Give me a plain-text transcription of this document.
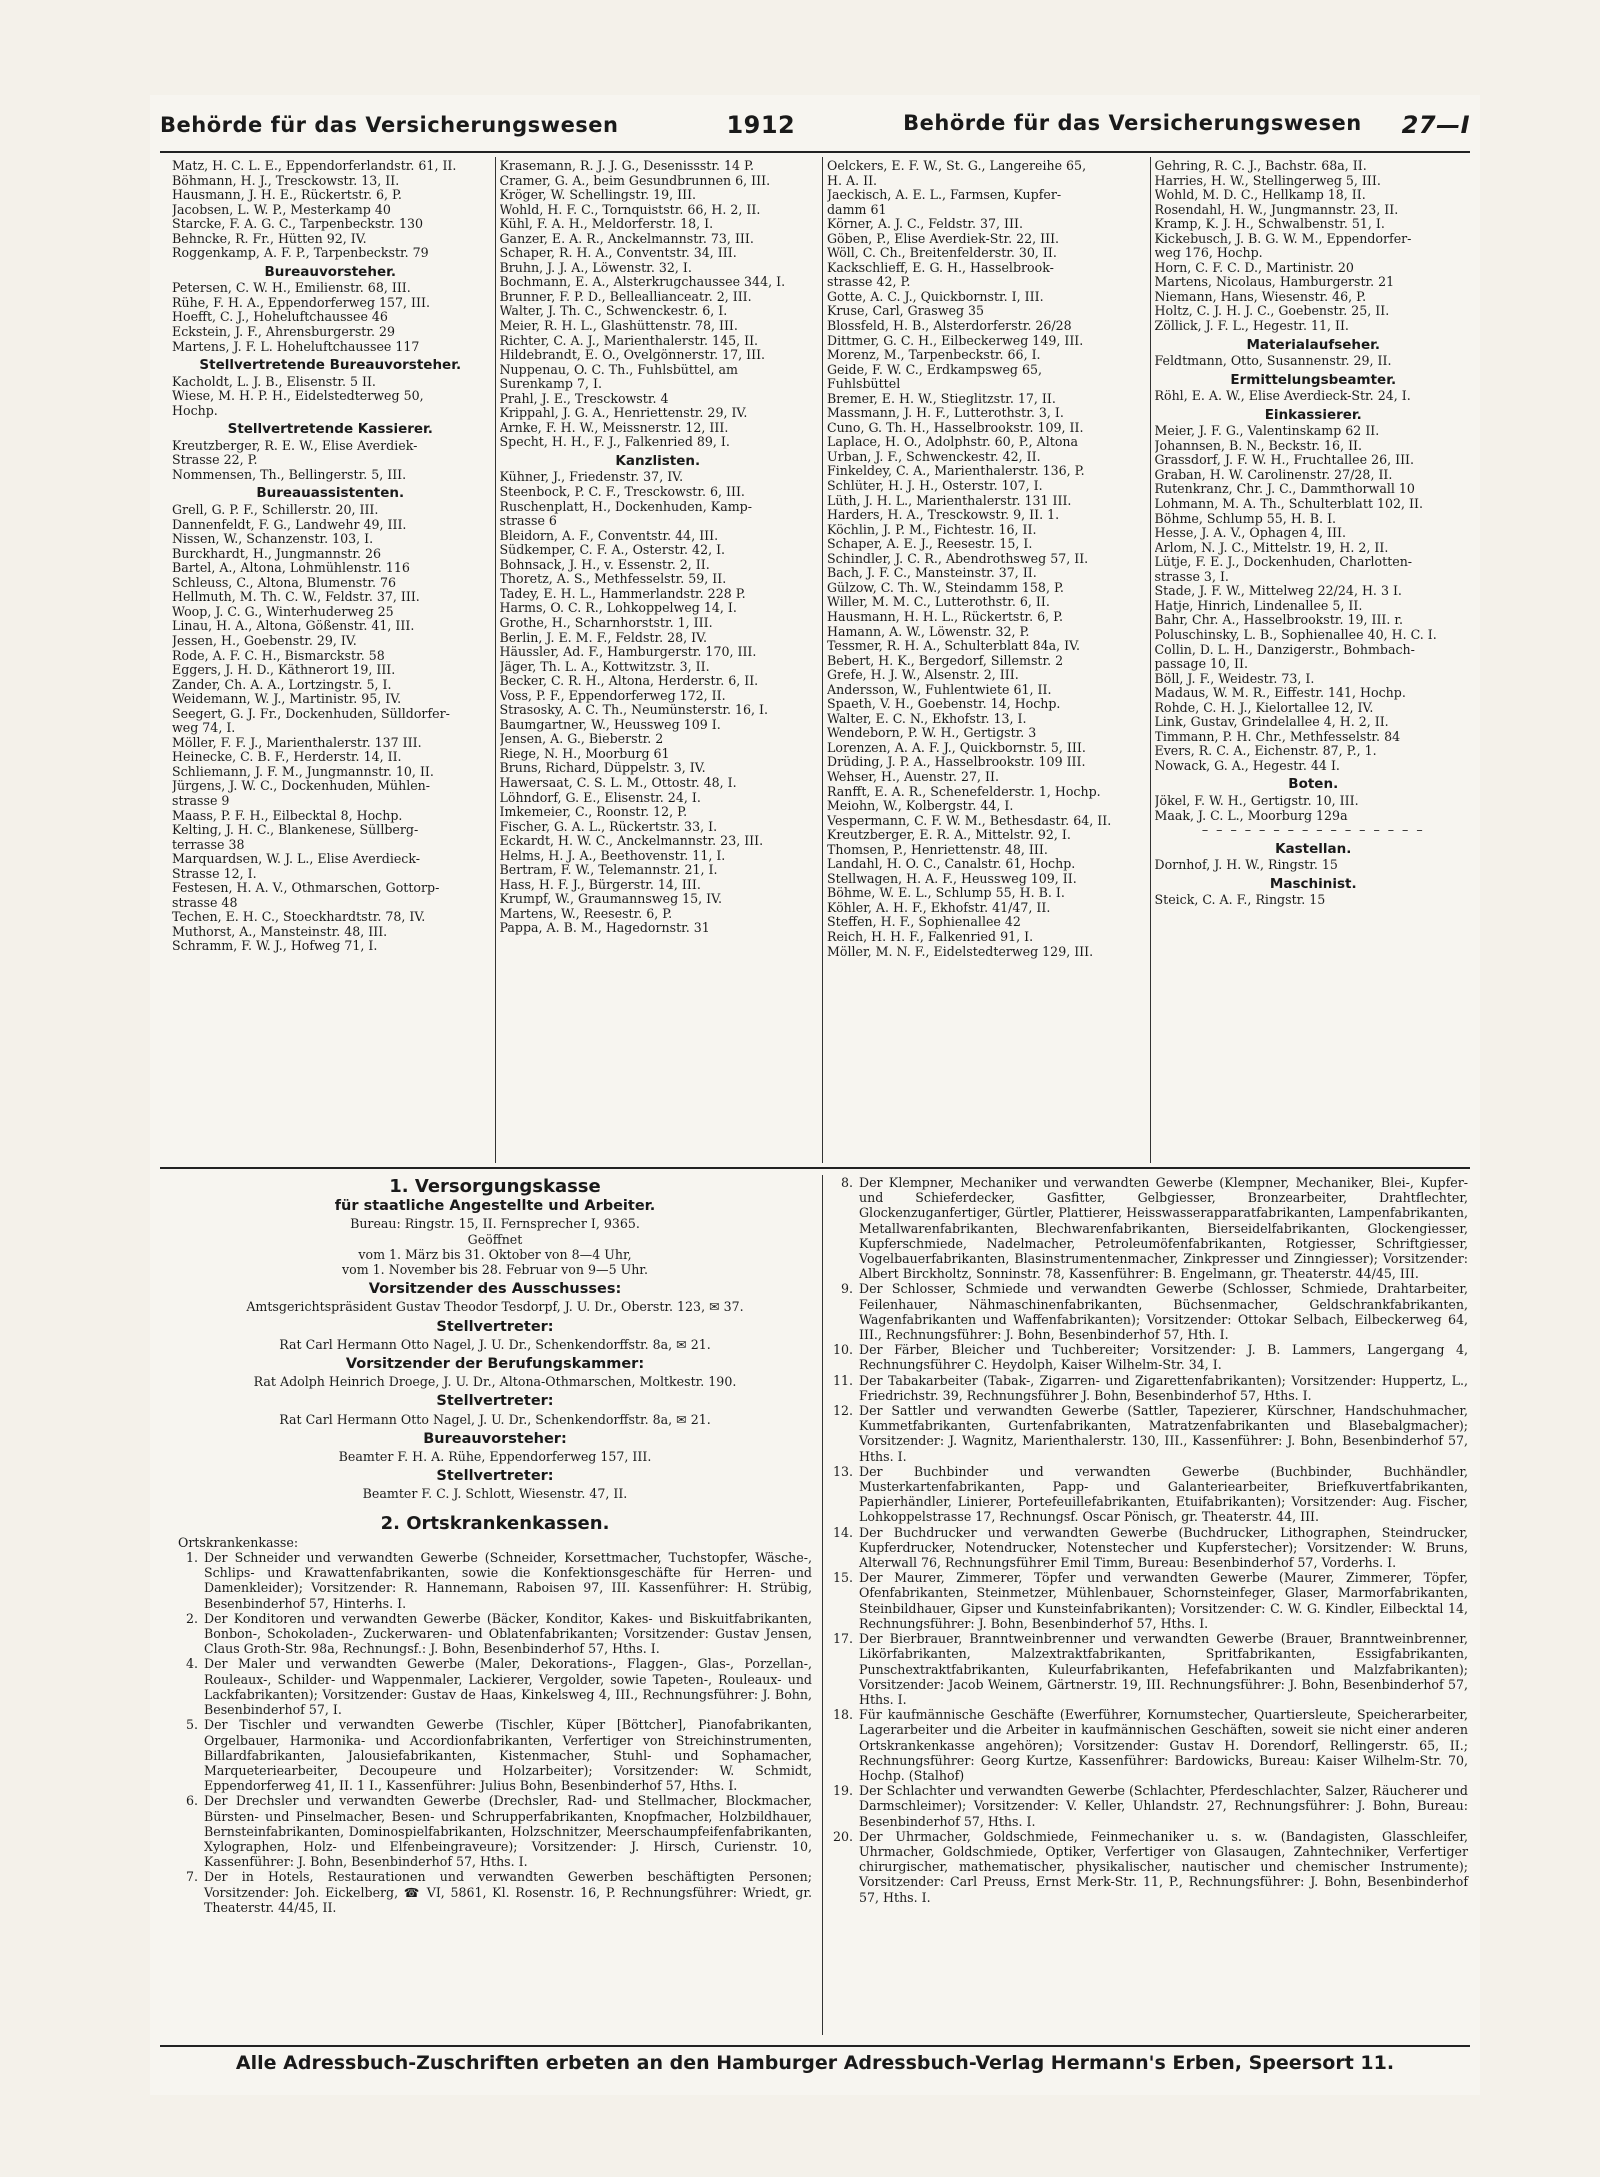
Behörde für das Versicherungswesen	1912	Behörde für das Versicherungswesen 27—I
Matz, H. C. L. E., Eppendorferlandstr. 61, II.
Böhmann, H. J., Tresckowstr. 13, II.
Hausmann, J. H. E., Rückertstr. 6, P.
Jacobsen, L. W. P., Mesterkamp 40
Starcke, F. A. G. C., Tarpenbeckstr. 130
Behncke, R. Fr., Hütten 92, IV.
Roggenkamp, A. F. P., Tarpenbeckstr. 79
Bureauvorsteher.
Petersen, C. W. H., Emilienstr. 68, III.
Rühe, F. H. A., Eppendorferweg 157, III.
Hoefft, C. J., Hoheluftchaussee 46
Eckstein, J. F., Ahrensburgerstr. 29
Martens, J. F. L. Hoheluftchaussee 117
Stellvertretende Bureauvorsteher.
Kacholdt, L. J. B., Elisenstr. 5 II.
Wiese, M. H. P. H., Eidelstedterweg 50,
Hochp.
Stellvertretende Kassierer.
Kreutzberger, R. E. W., Elise Averdiek-
Strasse 22, P.
Nommensen, Th., Bellingerstr. 5, III.
Bureauassistenten.
Grell, G. P. F., Schillerstr. 20, III.
Dannenfeldt, F. G., Landwehr 49, III.
Nissen, W., Schanzenstr. 103, I.
Burckhardt, H., Jungmannstr. 26
Bartel, A., Altona, Lohmühlenstr. 116
Schleuss, C., Altona, Blumenstr. 76
Hellmuth, M. Th. C. W., Feldstr. 37, III.
Woop, J. C. G., Winterhuderweg 25
Linau, H. A., Altona, Gößenstr. 41, III.
Jessen, H., Goebenstr. 29, IV.
Rode, A. F. C. H., Bismarckstr. 58
Eggers, J. H. D., Käthnerort 19, III.
Zander, Ch. A. A., Lortzingstr. 5, I.
Weidemann, W. J., Martinistr. 95, IV.
Seegert, G. J. Fr., Dockenhuden, Sülldorfer-
weg 74, I.
Möller, F. F. J., Marienthalerstr. 137 III.
Heinecke, C. B. F., Herderstr. 14, II.
Schliemann, J. F. M., Jungmannstr. 10, II.
Jürgens, J. W. C., Dockenhuden, Mühlen-
strasse 9
Maass, P. F. H., Eilbecktal 8, Hochp.
Kelting, J. H. C., Blankenese, Süllberg-
terrasse 38
Marquardsen, W. J. L., Elise Averdieck-
Strasse 12, I.
Festesen, H. A. V., Othmarschen, Gottorp-
strasse 48
Techen, E. H. C., Stoeckhardtstr. 78, IV.
Muthorst, A., Mansteinstr. 48, III.
Schramm, F. W. J., Hofweg 71, I.
Krasemann, R. J. J. G., Desenissstr. 14 P.
Cramer, G. A., beim Gesundbrunnen 6, III.
Kröger, W. Schellingstr. 19, III.
Wohld, H. F. C., Tornquiststr. 66, H. 2, II.
Kühl, F. A. H., Meldorferstr. 18, I.
Ganzer, E. A. R., Anckelmannstr. 73, III.
Schaper, R. H. A., Conventstr. 34, III.
Bruhn, J. J. A., Löwenstr. 32, I.
Bochmann, E. A., Alsterkrugchaussee 344, I.
Brunner, F. P. D., Belleallianceatr. 2, III.
Walter, J. Th. C., Schwenckestr. 6, I.
Meier, R. H. L., Glashüttenstr. 78, III.
Richter, C. A. J., Marienthalerstr. 145, II.
Hildebrandt, E. O., Övelgönnerstr. 17, III.
Nuppenau, O. C. Th., Fuhlsbüttel, am
Surenkamp 7, I.
Prahl, J. E., Tresckowstr. 4
Krippahl, J. G. A., Henriettenstr. 29, IV.
Arnke, F. H. W., Meissnerstr. 12, III.
Specht, H. H., F. J., Falkenried 89, I.
Kanzlisten.
Kühner, J., Friedenstr. 37, IV.
Steenbock, P. C. F., Tresckowstr. 6, III.
Ruschenplatt, H., Dockenhuden, Kamp-
strasse 6
Bleidorn, A. F., Conventstr. 44, III.
Südkemper, C. F. A., Osterstr. 42, I.
Bohnsack, J. H., v. Essenstr. 2, II.
Thoretz, A. S., Methfesselstr. 59, II.
Tadey, E. H. L., Hammerlandstr. 228 P.
Harms, O. C. R., Lohkoppelweg 14, I.
Grothe, H., Scharnhorststr. 1, III.
Berlin, J. E. M. F., Feldstr. 28, IV.
Häussler, Ad. F., Hamburgerstr. 170, III.
Jäger, Th. L. A., Kottwitzstr. 3, II.
Becker, C. R. H., Altona, Herderstr. 6, II.
Voss, P. F., Eppendorferweg 172, II.
Strasosky, A. C. Th., Neumünsterstr. 16, I.
Baumgartner, W., Heussweg 109 I.
Jensen, A. G., Bieberstr. 2
Riege, N. H., Moorburg 61
Bruns, Richard, Düppelstr. 3, IV.
Hawersaat, C. S. L. M., Ottostr. 48, I.
Löhndorf, G. E., Elisenstr. 24, I.
Imkemeier, C., Roonstr. 12, P.
Fischer, G. A. L., Rückertstr. 33, I.
Eckardt, H. W. C., Anckelmannstr. 23, III.
Helms, H. J. A., Beethovenstr. 11, I.
Bertram, F. W., Telemannstr. 21, I.
Hass, H. F. J., Bürgerstr. 14, III.
Krumpf, W., Graumannsweg 15, IV.
Martens, W., Reesestr. 6, P.
Pappa, A. B. M., Hagedornstr. 31
Oelckers, E. F. W., St. G., Langereihe 65,
H. A. II.
Jaeckisch, A. E. L., Farmsen, Kupfer-
damm 61
Körner, A. J. C., Feldstr. 37, III.
Göben, P., Elise Averdiek-Str. 22, III.
Wöll, C. Ch., Breitenfelderstr. 30, II.
Kackschlieff, E. G. H., Hasselbrook-
strasse 42, P.
Gotte, A. C. J., Quickbornstr. I, III.
Kruse, Carl, Grasweg 35
Blossfeld, H. B., Alsterdorferstr. 26/28
Dittmer, G. C. H., Eilbeckerweg 149, III.
Morenz, M., Tarpenbeckstr. 66, I.
Geide, F. W. C., Erdkampsweg 65,
Fuhlsbüttel
Bremer, E. H. W., Stieglitzstr. 17, II.
Massmann, J. H. F., Lutterothstr. 3, I.
Cuno, G. Th. H., Hasselbrookstr. 109, II.
Laplace, H. O., Adolphstr. 60, P., Altona
Urban, J. F., Schwenckestr. 42, II.
Finkeldey, C. A., Marienthalerstr. 136, P.
Schlüter, H. J. H., Osterstr. 107, I.
Lüth, J. H. L., Marienthalerstr. 131 III.
Harders, H. A., Tresckowstr. 9, II. 1.
Köchlin, J. P. M., Fichtestr. 16, II.
Schaper, A. E. J., Reesestr. 15, I.
Schindler, J. C. R., Abendrothsweg 57, II.
Bach, J. F. C., Mansteinstr. 37, II.
Gülzow, C. Th. W., Steindamm 158, P.
Willer, M. M. C., Lutterothstr. 6, II.
Hausmann, H. H. L., Rückertstr. 6, P.
Hamann, A. W., Löwenstr. 32, P.
Tessmer, R. H. A., Schulterblatt 84a, IV.
Bebert, H. K., Bergedorf, Sillemstr. 2
Grefe, H. J. W., Alsenstr. 2, III.
Andersson, W., Fuhlentwiete 61, II.
Spaeth, V. H., Goebenstr. 14, Hochp.
Walter, E. C. N., Ekhofstr. 13, I.
Wendeborn, P. W. H., Gertigstr. 3
Lorenzen, A. A. F. J., Quickbornstr. 5, III.
Drüding, J. P. A., Hasselbrookstr. 109 III.
Wehser, H., Auenstr. 27, II.
Ranfft, E. A. R., Schenefelderstr. 1, Hochp.
Meiohn, W., Kolbergstr. 44, I.
Vespermann, C. F. W. M., Bethesdastr. 64, II.
Kreutzberger, E. R. A., Mittelstr. 92, I.
Thomsen, P., Henriettenstr. 48, III.
Landahl, H. O. C., Canalstr. 61, Hochp.
Stellwagen, H. A. F., Heussweg 109, II.
Böhme, W. E. L., Schlump 55, H. B. I.
Köhler, A. H. F., Ekhofstr. 41/47, II.
Steffen, H. F., Sophienallee 42
Reich, H. H. F., Falkenried 91, I.
Möller, M. N. F., Eidelstedterweg 129, III.
Gehring, R. C. J., Bachstr. 68a, II.
Harries, H. W., Stellingerweg 5, III.
Wohld, M. D. C., Hellkamp 18, II.
Rosendahl, H. W., Jungmannstr. 23, II.
Kramp, K. J. H., Schwalbenstr. 51, I.
Kickebusch, J. B. G. W. M., Eppendorfer-
weg 176, Hochp.
Horn, C. F. C. D., Martinistr. 20
Martens, Nicolaus, Hamburgerstr. 21
Niemann, Hans, Wiesenstr. 46, P.
Holtz, C. J. H. J. C., Goebenstr. 25, II.
Zöllick, J. F. L., Hegestr. 11, II.
Materialaufseher.
Feldtmann, Otto, Susannenstr. 29, II.
Ermittelungsbeamter.
Röhl, E. A. W., Elise Averdieck-Str. 24, I.
Einkassierer.
Meier, J. F. G., Valentinskamp 62 II.
Johannsen, B. N., Beckstr. 16, II.
Grassdorf, J. F. W. H., Fruchtallee 26, III.
Graban, H. W. Carolinenstr. 27/28, II.
Rutenkranz, Chr. J. C., Dammthorwall 10
Lohmann, M. A. Th., Schulterblatt 102, II.
Böhme, Schlump 55, H. B. I.
Hesse, J. A. V., Ophagen 4, III.
Arlom, N. J. C., Mittelstr. 19, H. 2, II.
Lütje, F. E. J., Dockenhuden, Charlotten-
strasse 3, I.
Stade, J. F. W., Mittelweg 22/24, H. 3 I.
Hatje, Hinrich, Lindenallee 5, II.
Bahr, Chr. A., Hasselbrookstr. 19, III. r.
Poluschinsky, L. B., Sophienallee 40, H. C. I.
Collin, D. L. H., Danzigerstr., Bohmbach-
passage 10, II.
Böll, J. F., Weidestr. 73, I.
Madaus, W. M. R., Eiffestr. 141, Hochp.
Rohde, C. H. J., Kielortallee 12, IV.
Link, Gustav, Grindelallee 4, H. 2, II.
Timmann, P. H. Chr., Methfesselstr. 84
Evers, R. C. A., Eichenstr. 87, P., 1.
Nowack, G. A., Hegestr. 44 I.
Boten.
Jökel, F. W. H., Gertigstr. 10, III.
Maak, J. C. L., Moorburg 129a
– – – – – – – – – – – – – – – –
Kastellan.
Dornhof, J. H. W., Ringstr. 15
Maschinist.
Steick, C. A. F., Ringstr. 15
1. Versorgungskasse
für staatliche Angestellte und Arbeiter.
Bureau: Ringstr. 15, II. Fernsprecher I, 9365.
Geöffnet
vom 1. März bis 31. Oktober von 8—4 Uhr,
vom 1. November bis 28. Februar von 9—5 Uhr.
Vorsitzender des Ausschusses:
Amtsgerichtspräsident Gustav Theodor Tesdorpf, J. U. Dr., Oberstr. 123, ✉ 37.
Stellvertreter:
Rat Carl Hermann Otto Nagel, J. U. Dr., Schenkendorffstr. 8a, ✉ 21.
Vorsitzender der Berufungskammer:
Rat Adolph Heinrich Droege, J. U. Dr., Altona-Othmarschen, Moltkestr. 190.
Stellvertreter:
Rat Carl Hermann Otto Nagel, J. U. Dr., Schenkendorffstr. 8a, ✉ 21.
Bureauvorsteher:
Beamter F. H. A. Rühe, Eppendorferweg 157, III.
Stellvertreter:
Beamter F. C. J. Schlott, Wiesenstr. 47, II.
2. Ortskrankenkassen.
Ortskrankenkasse:
1. Der Schneider und verwandten Gewerbe (Schneider, Korsettmacher, Tuchstopfer, Wäsche-, Schlips- und Krawattenfabrikanten, sowie die Konfektionsgeschäfte für Herren- und Damenkleider); Vorsitzender: R. Hannemann, Raboisen 97, III. Kassenführer: H. Strübig, Besenbinderhof 57, Hinterhs. I.
2. Der Konditoren und verwandten Gewerbe (Bäcker, Konditor, Kakes- und Biskuitfabrikanten, Bonbon-, Schokoladen-, Zuckerwaren- und Oblatenfabrikanten; Vorsitzender: Gustav Jensen, Claus Groth-Str. 98a, Rechnungsf.: J. Bohn, Besenbinderhof 57, Hths. I.
4. Der Maler und verwandten Gewerbe (Maler, Dekorations-, Flaggen-, Glas-, Porzellan-, Rouleaux-, Schilder- und Wappenmaler, Lackierer, Vergolder, sowie Tapeten-, Rouleaux- und Lackfabrikanten); Vorsitzender: Gustav de Haas, Kinkelsweg 4, III., Rechnungsführer: J. Bohn, Besenbinderhof 57, I.
5. Der Tischler und verwandten Gewerbe (Tischler, Küper [Böttcher], Pianofabrikanten, Orgelbauer, Harmonika- und Accordionfabrikanten, Verfertiger von Streichinstrumenten, Billardfabrikanten, Jalousiefabrikanten, Kistenmacher, Stuhl- und Sophamacher, Marqueteriearbeiter, Decoupeure und Holzarbeiter); Vorsitzender: W. Schmidt, Eppendorferweg 41, II. 1 I., Kassenführer: Julius Bohn, Besenbinderhof 57, Hths. I.
6. Der Drechsler und verwandten Gewerbe (Drechsler, Rad- und Stellmacher, Blockmacher, Bürsten- und Pinselmacher, Besen- und Schrupperfabrikanten, Knopfmacher, Holzbildhauer, Bernsteinfabrikanten, Dominospielfabrikanten, Holzschnitzer, Meerschaumpfeifenfabrikanten, Xylographen, Holz- und Elfenbeingraveure); Vorsitzender: J. Hirsch, Curienstr. 10, Kassenführer: J. Bohn, Besenbinderhof 57, Hths. I.
7. Der in Hotels, Restaurationen und verwandten Gewerben beschäftigten Personen; Vorsitzender: Joh. Eickelberg, ☎ VI, 5861, Kl. Rosenstr. 16, P. Rechnungsführer: Wriedt, gr. Theaterstr. 44/45, II.
8. Der Klempner, Mechaniker und verwandten Gewerbe (Klempner, Mechaniker, Blei-, Kupfer- und Schieferdecker, Gasfitter, Gelbgiesser, Bronzearbeiter, Drahtflechter, Glockenzuganfertiger, Gürtler, Plattierer, Heisswasserapparatfabrikanten, Lampenfabrikanten, Metallwarenfabrikanten, Blechwarenfabrikanten, Bierseidelfabrikanten, Glockengiesser, Kupferschmiede, Nadelmacher, Petroleumöfenfabrikanten, Rotgiesser, Schriftgiesser, Vogelbauerfabrikanten, Blasinstrumentenmacher, Zinkpresser und Zinngiesser); Vorsitzender: Albert Birckholtz, Sonninstr. 78, Kassenführer: B. Engelmann, gr. Theaterstr. 44/45, III.
9. Der Schlosser, Schmiede und verwandten Gewerbe (Schlosser, Schmiede, Drahtarbeiter, Feilenhauer, Nähmaschinenfabrikanten, Büchsenmacher, Geldschrankfabrikanten, Wagenfabrikanten und Waffenfabrikanten); Vorsitzender: Ottokar Selbach, Eilbeckerweg 64, III., Rechnungsführer: J. Bohn, Besenbinderhof 57, Hth. I.
10. Der Färber, Bleicher und Tuchbereiter; Vorsitzender: J. B. Lammers, Langergang 4, Rechnungsführer C. Heydolph, Kaiser Wilhelm-Str. 34, I.
11. Der Tabakarbeiter (Tabak-, Zigarren- und Zigarettenfabrikanten); Vorsitzender: Huppertz, L., Friedrichstr. 39, Rechnungsführer J. Bohn, Besenbinderhof 57, Hths. I.
12. Der Sattler und verwandten Gewerbe (Sattler, Tapezierer, Kürschner, Handschuhmacher, Kummetfabrikanten, Gurtenfabrikanten, Matratzenfabrikanten und Blasebalgmacher); Vorsitzender: J. Wagnitz, Marienthalerstr. 130, III., Kassenführer: J. Bohn, Besenbinderhof 57, Hths. I.
13. Der Buchbinder und verwandten Gewerbe (Buchbinder, Buchhändler, Musterkartenfabrikanten, Papp- und Galanteriearbeiter, Briefkuvertfabrikanten, Papierhändler, Linierer, Portefeuillefabrikanten, Etuifabrikanten); Vorsitzender: Aug. Fischer, Lohkoppelstrasse 17, Rechnungsf. Oscar Pönisch, gr. Theaterstr. 44, III.
14. Der Buchdrucker und verwandten Gewerbe (Buchdrucker, Lithographen, Steindrucker, Kupferdrucker, Notendrucker, Notenstecher und Kupferstecher); Vorsitzender: W. Bruns, Alterwall 76, Rechnungsführer Emil Timm, Bureau: Besenbinderhof 57, Vorderhs. I.
15. Der Maurer, Zimmerer, Töpfer und verwandten Gewerbe (Maurer, Zimmerer, Töpfer, Ofenfabrikanten, Steinmetzer, Mühlenbauer, Schornsteinfeger, Glaser, Marmorfabrikanten, Steinbildhauer, Gipser und Kunsteinfabrikanten); Vorsitzender: C. W. G. Kindler, Eilbecktal 14, Rechnungsführer: J. Bohn, Besenbinderhof 57, Hths. I.
17. Der Bierbrauer, Branntweinbrenner und verwandten Gewerbe (Brauer, Branntweinbrenner, Likörfabrikanten, Malzextraktfabrikanten, Spritfabrikanten, Essigfabrikanten, Punschextraktfabrikanten, Kuleurfabrikanten, Hefefabrikanten und Malzfabrikanten); Vorsitzender: Jacob Weinem, Gärtnerstr. 19, III. Rechnungsführer: J. Bohn, Besenbinderhof 57, Hths. I.
18. Für kaufmännische Geschäfte (Ewerführer, Kornumstecher, Quartiersleute, Speicherarbeiter, Lagerarbeiter und die Arbeiter in kaufmännischen Geschäften, soweit sie nicht einer anderen Ortskrankenkasse angehören); Vorsitzender: Gustav H. Dorendorf, Rellingerstr. 65, II.; Rechnungsführer: Georg Kurtze, Kassenführer: Bardowicks, Bureau: Kaiser Wilhelm-Str. 70, Hochp. (Stalhof)
19. Der Schlachter und verwandten Gewerbe (Schlachter, Pferdeschlachter, Salzer, Räucherer und Darmschleimer); Vorsitzender: V. Keller, Uhlandstr. 27, Rechnungsführer: J. Bohn, Bureau: Besenbinderhof 57, Hths. I.
20. Der Uhrmacher, Goldschmiede, Feinmechaniker u. s. w. (Bandagisten, Glasschleifer, Uhrmacher, Goldschmiede, Optiker, Verfertiger von Glasaugen, Zahntechniker, Verfertiger chirurgischer, mathematischer, physikalischer, nautischer und chemischer Instrumente); Vorsitzender: Carl Preuss, Ernst Merk-Str. 11, P., Rechnungsführer: J. Bohn, Besenbinderhof 57, Hths. I.
Alle Adressbuch-Zuschriften erbeten an den Hamburger Adressbuch-Verlag Hermann's Erben, Speersort 11.
